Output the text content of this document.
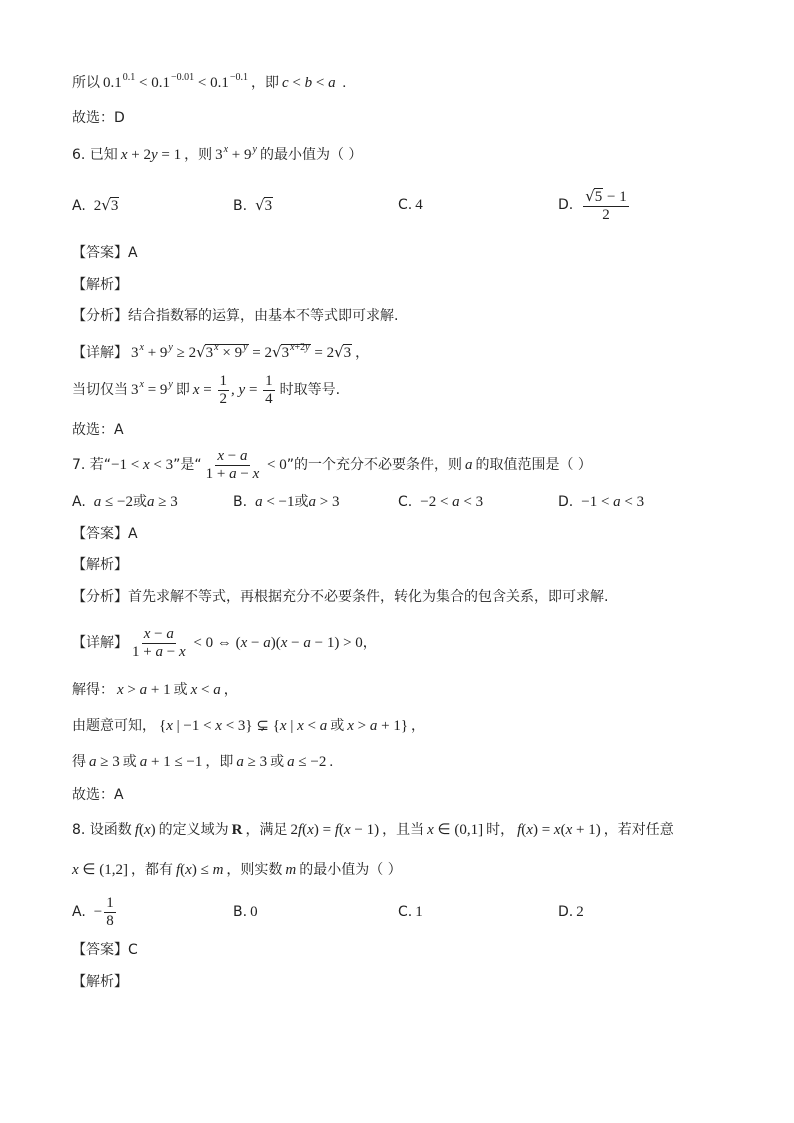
所以 $0.1^{0.1} < 0.1^{-0.01} < 0.1^{-0.1}$ ，即 c < b < a .
故选：D
6. 已知 x + 2y = 1 ，则 $3^x + 9^y$ 的最小值为（ ）
A. 2√3	B. √3	C. 4	D. $\frac{√5 - 1}{2}$
【答案】A
【解析】
【分析】结合指数幂的运算，由基本不等式即可求解.
【详解】 $3^x + 9^y \ge 2√3^x \times 9^y = 2√3^{x+2y} = 2√3$ ，
当切仅当 $3^x = 9^y$ 即 $x = \frac{1}{2}$ , $y = \frac{1}{4}$ 时取等号.
故选：A
7. 若“−1 < x < 3”是“ $\frac{x - a}{1 + a - x} < 0$”的一个充分不必要条件，则 a 的取值范围是（ ）
A. a ≤ −2或a ≥ 3	B. a < −1或a > 3	C. −2 < a < 3	D. −1 < a < 3
【答案】A
【解析】
【分析】首先求解不等式，再根据充分不必要条件，转化为集合的包含关系，即可求解.
【详解】 $\frac{x - a}{1 + a - x} < 0$ ⇔ (x − a)(x − a − 1) > 0，
解得： x > a + 1 或 x < a ，
由题意可知， {x | −1 < x < 3} ⊊ {x | x < a 或 x > a + 1} ，
得 a ≥ 3 或 a + 1 ≤ −1 ，即 a ≥ 3 或 a ≤ −2 .
故选：A
8. 设函数 f(x) 的定义域为 R ，满足 2f(x) = f(x − 1) ，且当 x ∈ (0,1] 时， f(x) = x(x + 1) ，若对任意
x ∈ (1,2] ，都有 f(x) ≤ m ，则实数 m 的最小值为（ ）
A. − $\frac{1}{8}$	B. 0	C. 1	D. 2
【答案】C
【解析】
